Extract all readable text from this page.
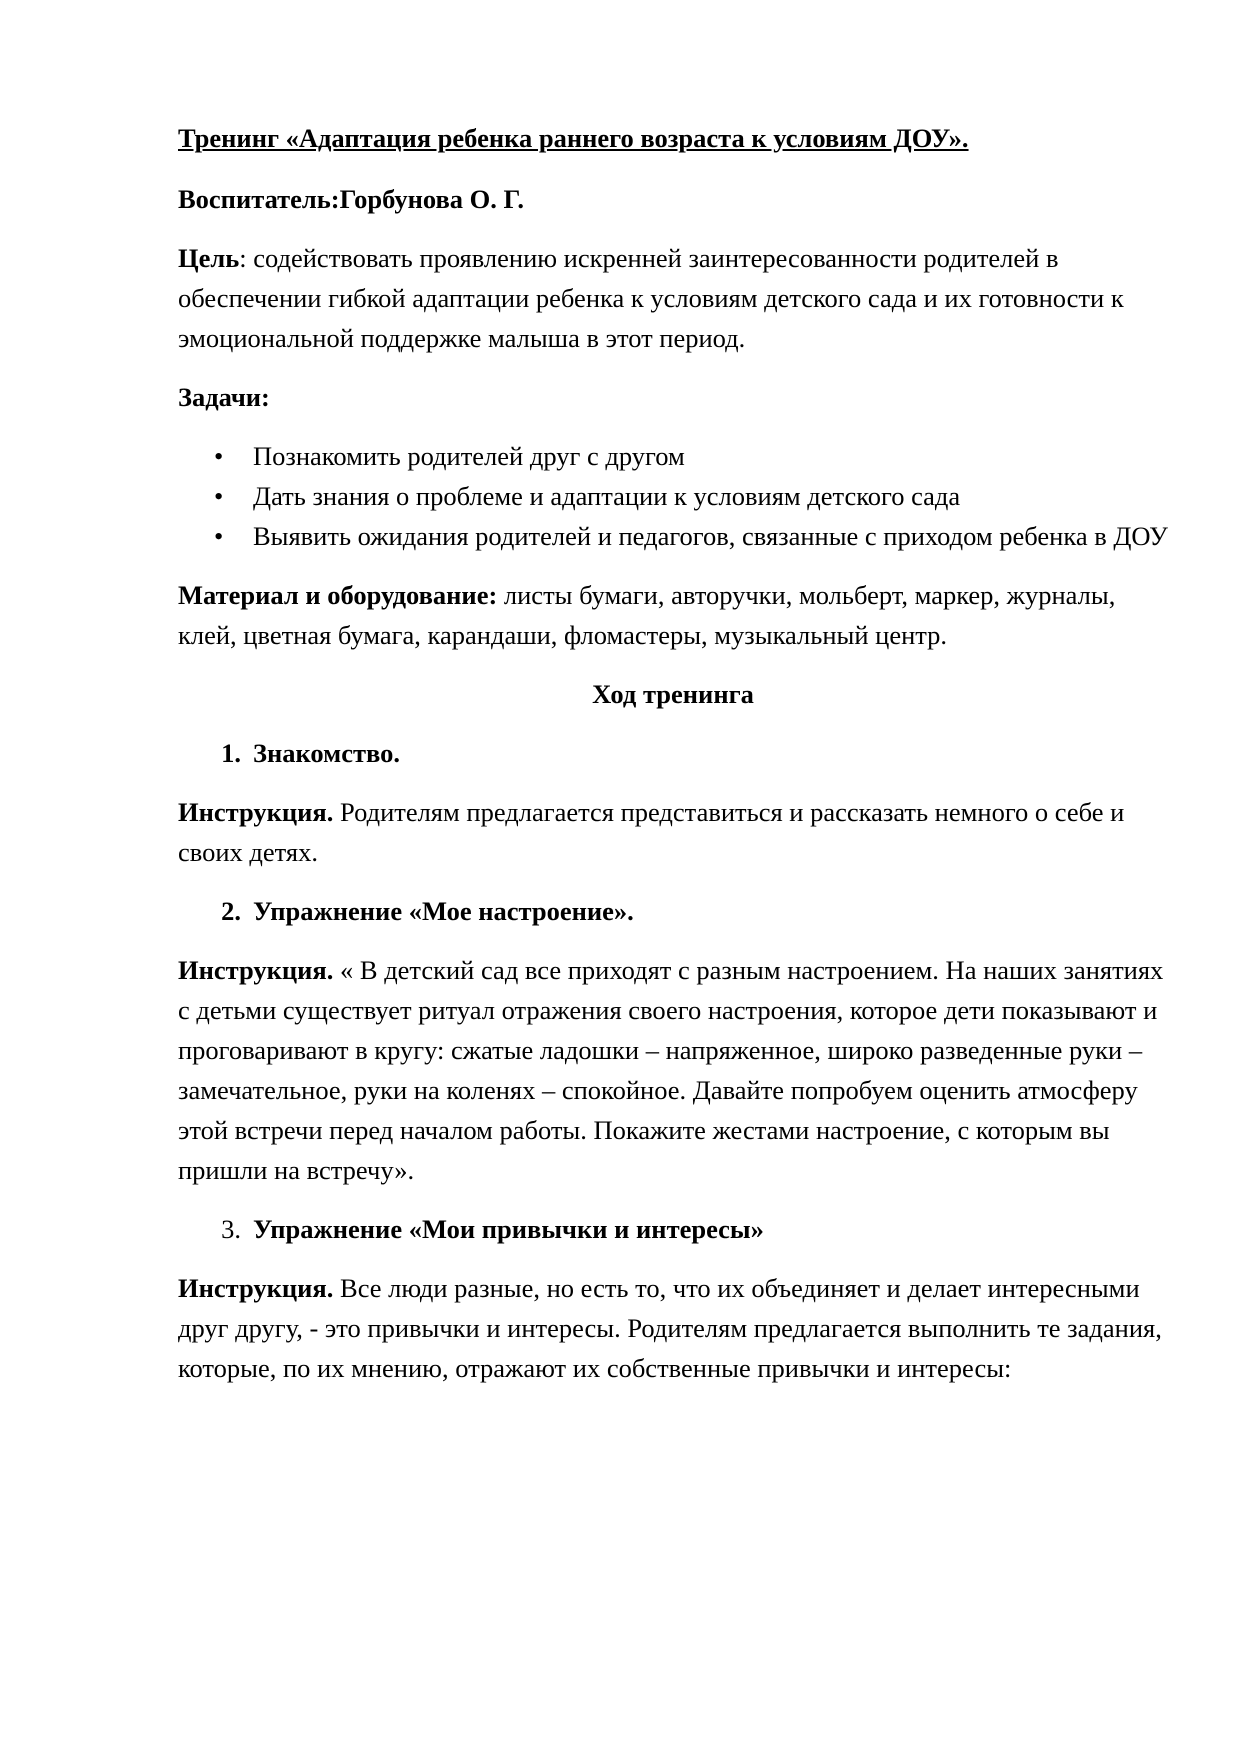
Тренинг «Адаптация ребенка раннего возраста к условиям ДОУ».

Воспитатель:Горбунова О. Г.

Цель: содействовать проявлению искренней заинтересованности родителей в обеспечении гибкой адаптации ребенка к условиям детского сада и их готовности к эмоциональной поддержке малыша в этот период.

Задачи:

• Познакомить родителей друг с другом
• Дать знания о проблеме и адаптации к условиям детского сада
• Выявить ожидания родителей и педагогов, связанные с приходом ребенка в ДОУ

Материал и оборудование: листы бумаги, авторучки, мольберт, маркер, журналы, клей, цветная бумага, карандаши, фломастеры, музыкальный центр.

Ход тренинга

1. Знакомство.

Инструкция. Родителям предлагается представиться и рассказать немного о себе и своих детях.

2. Упражнение «Мое настроение».

Инструкция. « В детский сад все приходят с разным настроением. На наших занятиях с детьми существует ритуал отражения своего настроения, которое дети показывают и проговаривают в кругу: сжатые ладошки – напряженное, широко разведенные руки – замечательное, руки на коленях – спокойное. Давайте попробуем оценить атмосферу этой встречи перед началом работы. Покажите жестами настроение, с которым вы пришли на встречу».

3. Упражнение «Мои привычки и интересы»

Инструкция. Все люди разные, но есть то, что их объединяет и делает интересными друг другу, - это привычки и интересы. Родителям предлагается выполнить те задания, которые, по их мнению, отражают их собственные привычки и интересы:
